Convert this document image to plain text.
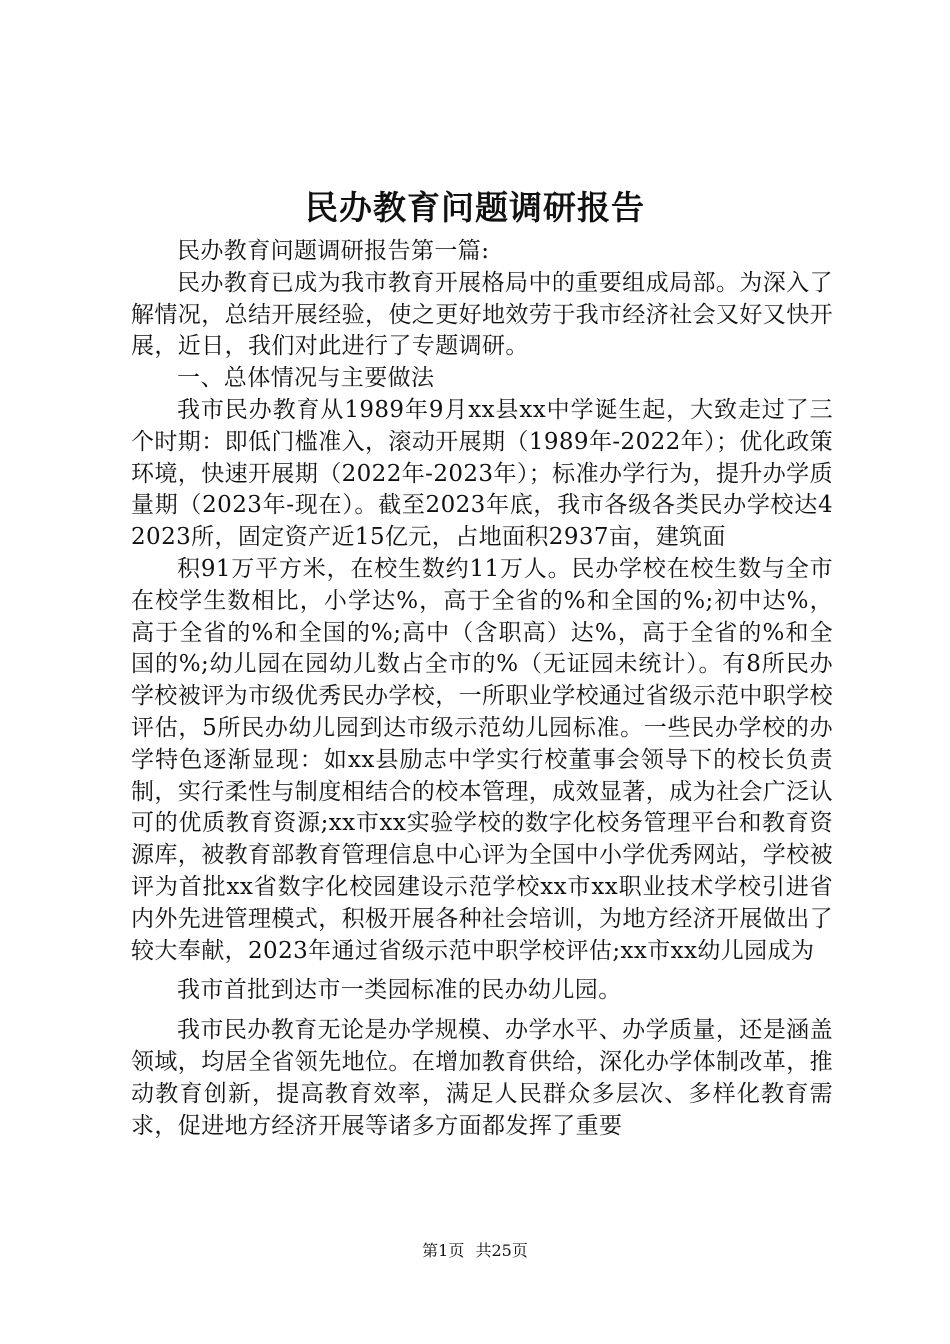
民办教育问题调研报告

民办教育问题调研报告第一篇:

民办教育已成为我市教育开展格局中的重要组成局部。为深入了解情况，总结开展经验，使之更好地效劳于我市经济社会又好又快开展，近日，我们对此进行了专题调研。

一、总体情况与主要做法

我市民办教育从1989年9月xx县xx中学诞生起，大致走过了三个时期：即低门槛准入，滚动开展期（1989年-2022年）；优化政策环境，快速开展期（2022年-2023年）；标准办学行为，提升办学质量期（2023年-现在）。截至2023年底，我市各级各类民办学校达42023所，固定资产近15亿元，占地面积2937亩，建筑面

积91万平方米，在校生数约11万人。民办学校在校生数与全市在校学生数相比，小学达%，高于全省的%和全国的%;初中达%，高于全省的%和全国的%;高中（含职高）达%，高于全省的%和全国的%;幼儿园在园幼儿数占全市的%（无证园未统计）。有8所民办学校被评为市级优秀民办学校，一所职业学校通过省级示范中职学校评估，5所民办幼儿园到达市级示范幼儿园标准。一些民办学校的办学特色逐渐显现：如xx县励志中学实行校董事会领导下的校长负责制，实行柔性与制度相结合的校本管理，成效显著，成为社会广泛认可的优质教育资源;xx市xx实验学校的数字化校务管理平台和教育资源库，被教育部教育管理信息中心评为全国中小学优秀网站，学校被评为首批xx省数字化校园建设示范学校xx市xx职业技术学校引进省内外先进管理模式，积极开展各种社会培训，为地方经济开展做出了较大奉献，2023年通过省级示范中职学校评估;xx市xx幼儿园成为

我市首批到达市一类园标准的民办幼儿园。

我市民办教育无论是办学规模、办学水平、办学质量，还是涵盖领域，均居全省领先地位。在增加教育供给，深化办学体制改革，推动教育创新，提高教育效率，满足人民群众多层次、多样化教育需求，促进地方经济开展等诸多方面都发挥了重要

第1页 共25页
